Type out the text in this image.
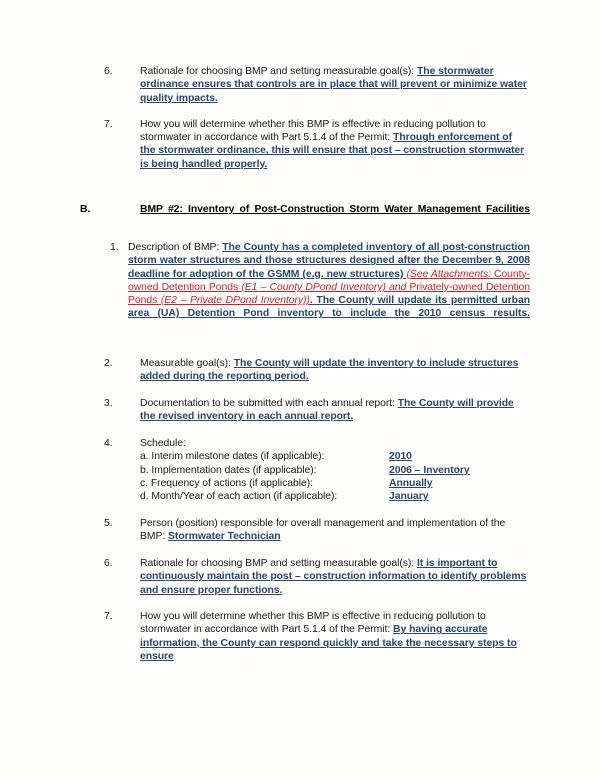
6.	Rationale for choosing BMP and setting measurable goal(s): The stormwater ordinance ensures that controls are in place that will prevent or minimize water quality impacts.
7.	How you will determine whether this BMP is effective in reducing pollution to stormwater in accordance with Part 5.1.4 of the Permit: Through enforcement of the stormwater ordinance, this will ensure that post – construction stormwater is being handled properly.
B.	BMP #2: Inventory of Post-Construction Storm Water Management Facilities
1. Description of BMP: The County has a completed inventory of all post-construction storm water structures and those structures designed after the December 9, 2008 deadline for adoption of the GSMM (e.g. new structures) (See Attachments: County-owned Detention Ponds (E1 – County DPond Inventory) and Privately-owned Detention Ponds (E2 – Private DPond Inventory)). The County will update its permitted urban area (UA) Detention Pond inventory to include the 2010 census results.
2.	Measurable goal(s): The County will update the inventory to include structures added during the reporting period.
3.	Documentation to be submitted with each annual report: The County will provide the revised inventory in each annual report.
4.	Schedule:
a. Interim milestone dates (if applicable):	2010
b. Implementation dates (if applicable):	2006 – Inventory
c. Frequency of actions (if applicable):	Annually
d. Month/Year of each action (if applicable):	January
5.	Person (position) responsible for overall management and implementation of the BMP: Stormwater Technician
6.	Rationale for choosing BMP and setting measurable goal(s): It is important to continuously maintain the post – construction information to identify problems and ensure proper functions.
7.	How you will determine whether this BMP is effective in reducing pollution to stormwater in accordance with Part 5.1.4 of the Permit: By having accurate information, the County can respond quickly and take the necessary steps to ensure
